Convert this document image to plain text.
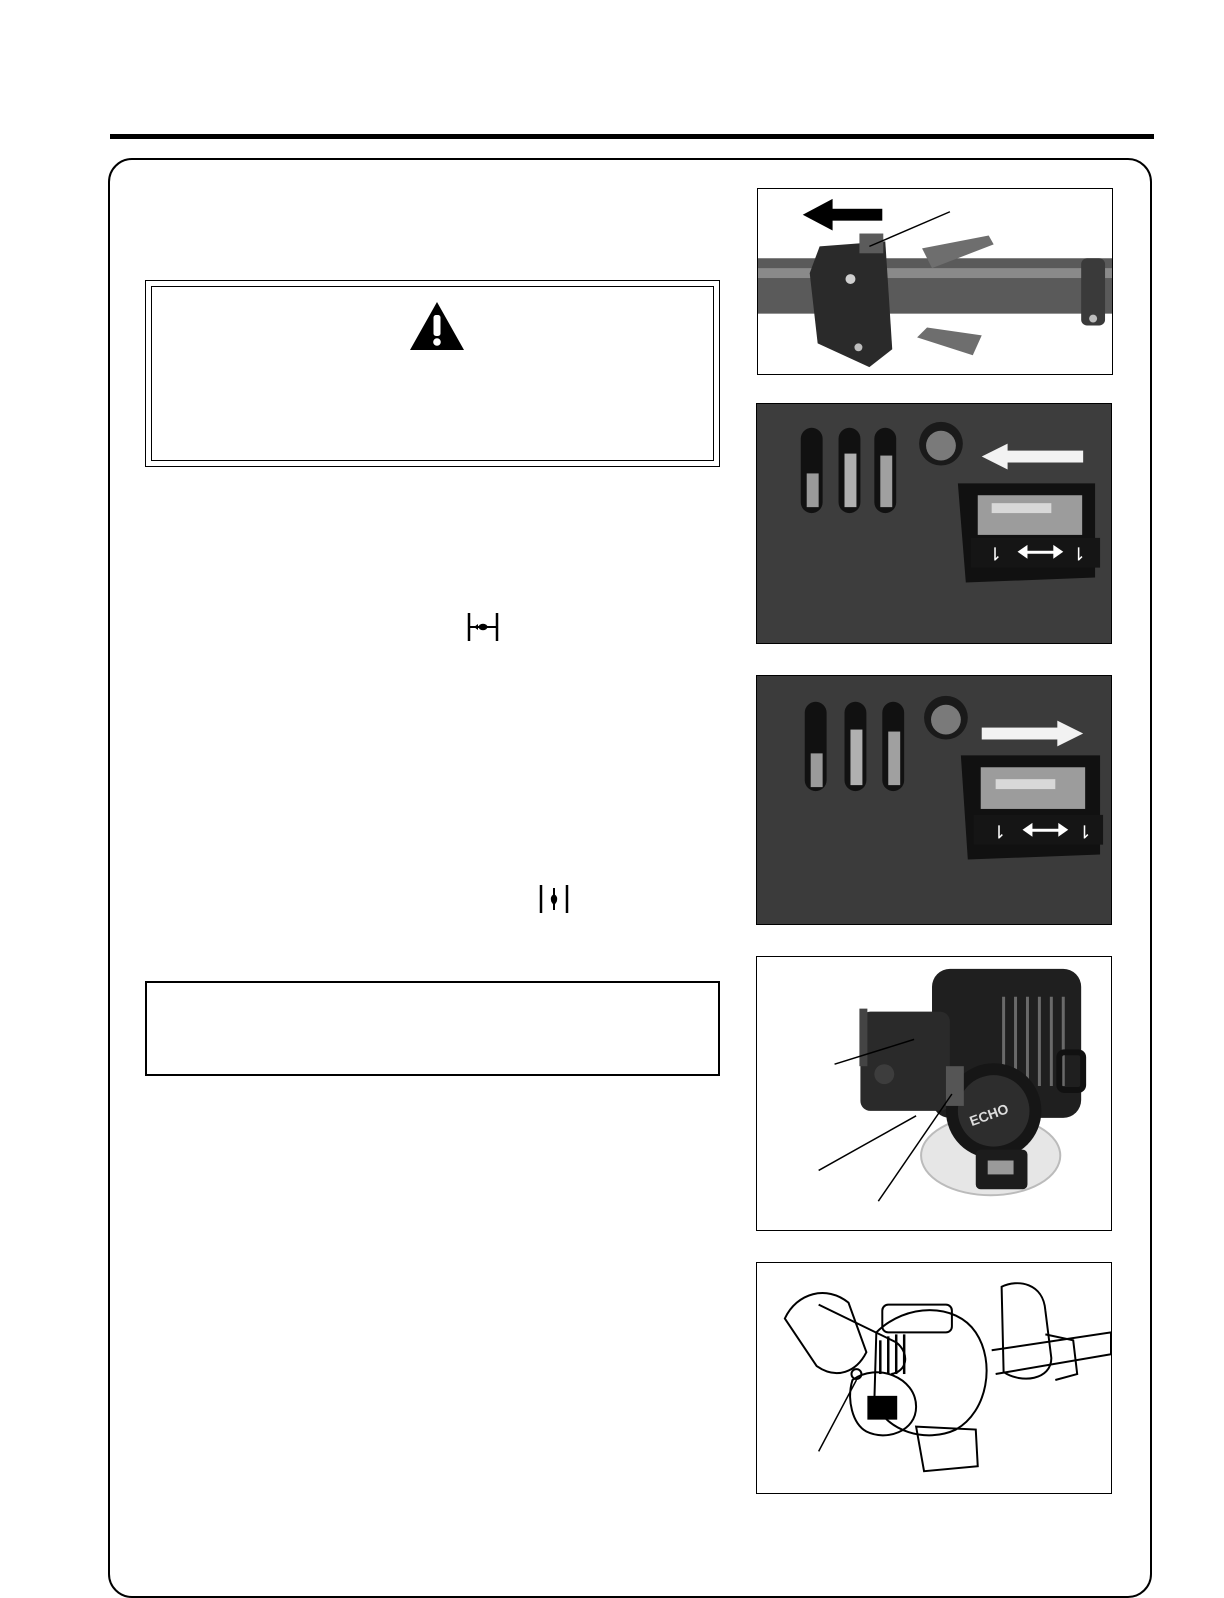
⇂	⇂
⇂	⇂
ECHO
